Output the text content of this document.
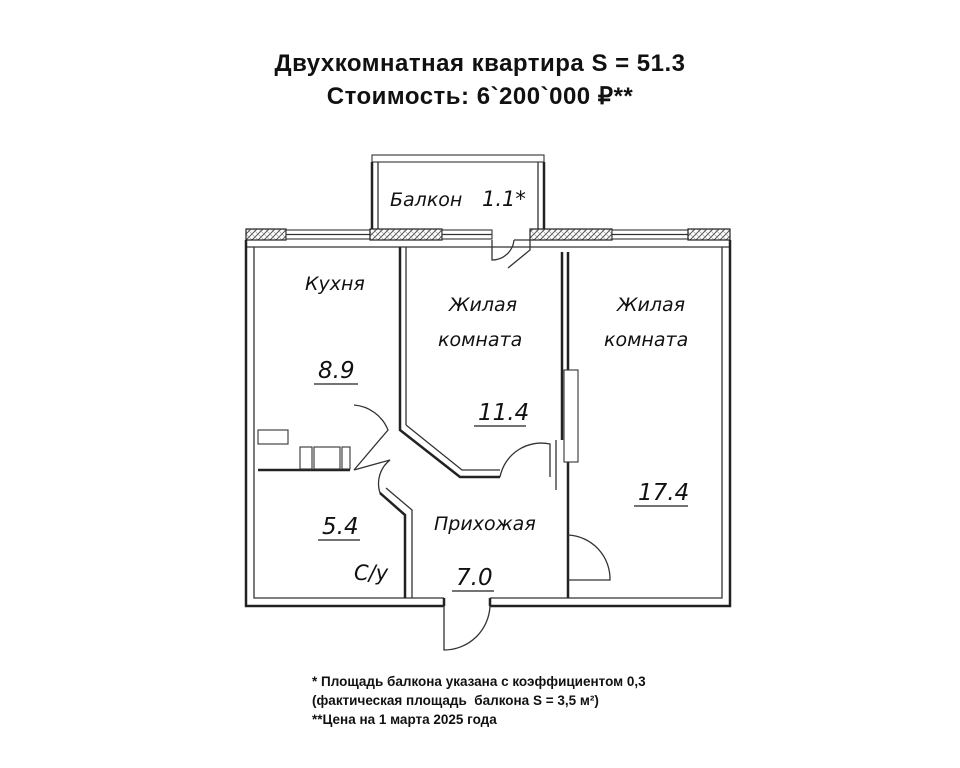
Двухкомнатная квартира S = 51.3
Стоимость: 6`200`000 ₽**
Балкон 1.1*
Кухня
8.9
Жилая
комната
11.4
Жилая
комната
17.4
Прихожая
7.0
5.4
С/у
* Площадь балкона указана с коэффициентом 0,3
(фактическая площадь  балкона S = 3,5 м²)
**Цена на 1 марта 2025 года
